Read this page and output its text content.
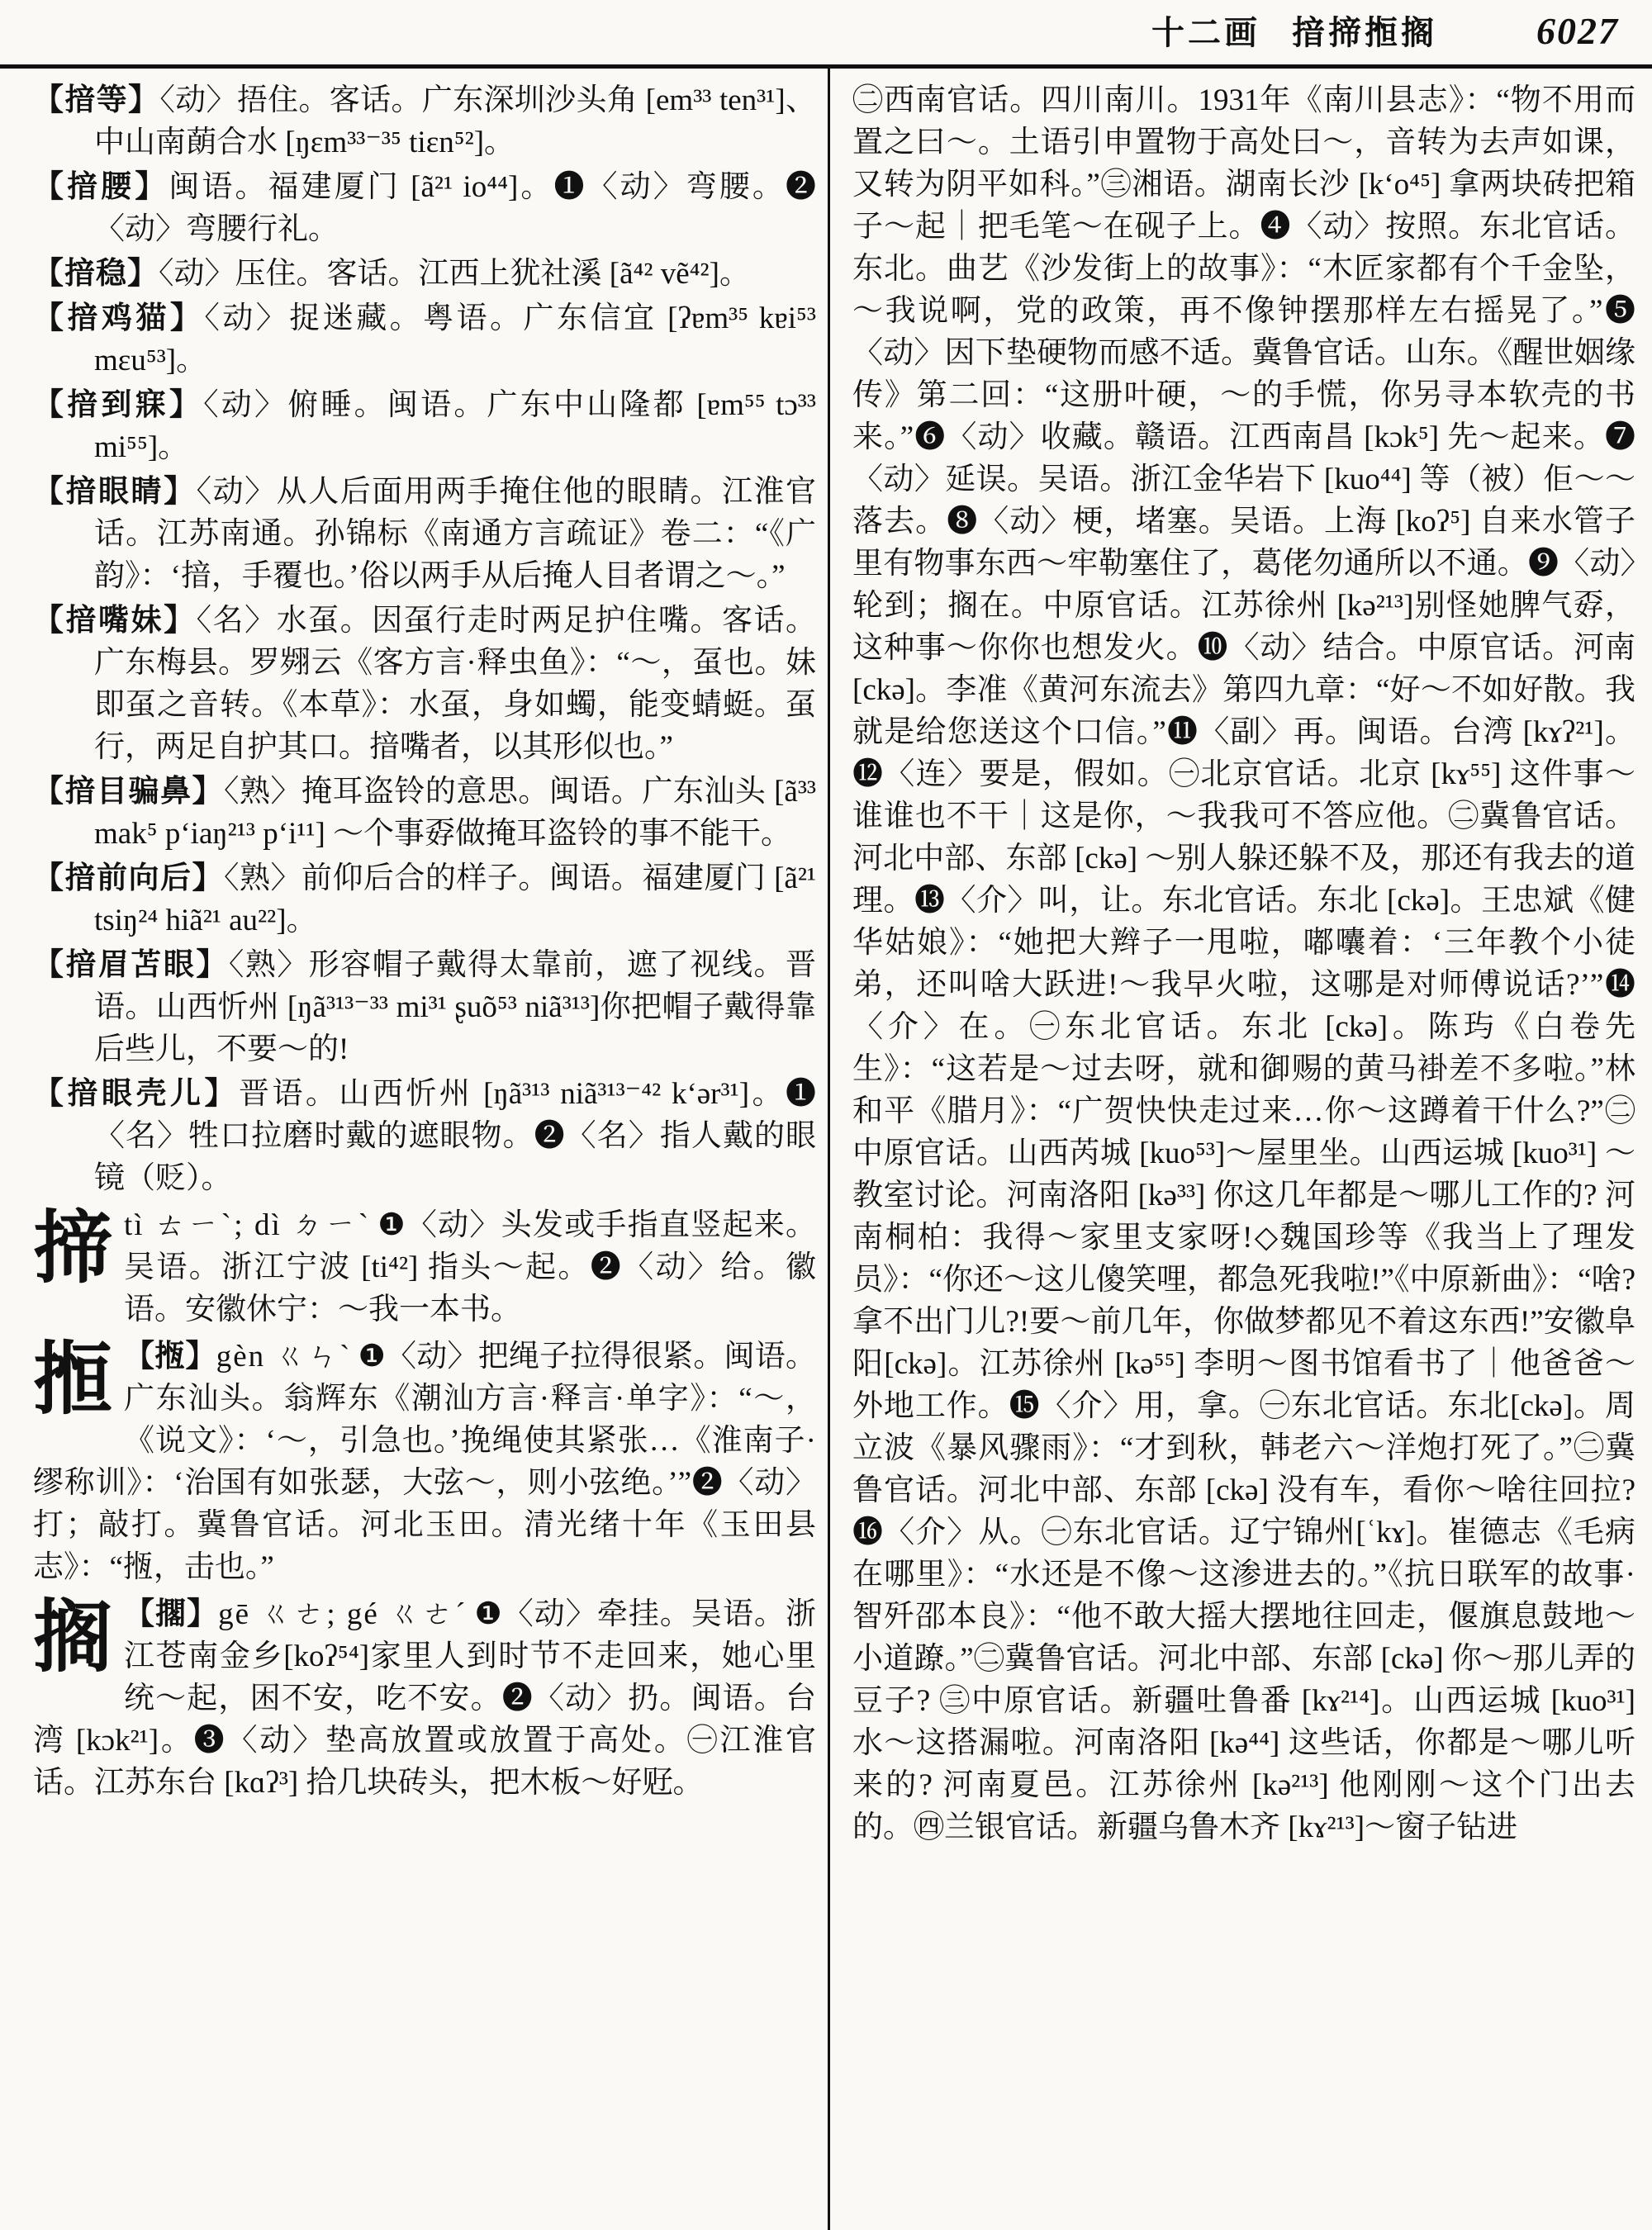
十二画 揞揥搄搁	6027

【揞等】〈动〉捂住。客话。广东深圳沙头角 [em³³ ten³¹]、中山南蓢合水 [ŋɛm³³⁻³⁵ tiɛn⁵²]。

【揞腰】闽语。福建厦门 [ã²¹ io⁴⁴]。❶〈动〉弯腰。❷〈动〉弯腰行礼。

【揞稳】〈动〉压住。客话。江西上犹社溪 [ã⁴² vẽ⁴²]。

【揞鸡猫】〈动〉捉迷藏。粤语。广东信宜 [ʔɐm³⁵ kɐi⁵³ mɛu⁵³]。

【揞到寐】〈动〉俯睡。闽语。广东中山隆都 [ɐm⁵⁵ tɔ³³ mi⁵⁵]。

【揞眼睛】〈动〉从人后面用两手掩住他的眼睛。江淮官话。江苏南通。孙锦标《南通方言疏证》卷二：“《广韵》：‘揞，手覆也。’俗以两手从后掩人目者谓之～。”

【揞嘴妹】〈名〉水虿。因虿行走时两足护住嘴。客话。广东梅县。罗翙云《客方言·释虫鱼》：“～，虿也。妹即虿之音转。《本草》：水虿，身如蠋，能变蜻蜓。虿行，两足自护其口。揞嘴者，以其形似也。”

【揞目骗鼻】〈熟〉掩耳盗铃的意思。闽语。广东汕头 [ã³³ mak⁵ pʻiaŋ²¹³ pʻi¹¹] ～个事孬做掩耳盗铃的事不能干。

【揞前向后】〈熟〉前仰后合的样子。闽语。福建厦门 [ã²¹ tsiŋ²⁴ hiã²¹ au²²]。

【揞眉苫眼】〈熟〉形容帽子戴得太靠前，遮了视线。晋语。山西忻州 [ŋã³¹³⁻³³ mi³¹ ʂuõ⁵³ niã³¹³]你把帽子戴得靠后些儿，不要～的!

【揞眼壳儿】晋语。山西忻州 [ŋã³¹³ niã³¹³⁻⁴² kʻər³¹]。❶〈名〉牲口拉磨时戴的遮眼物。❷〈名〉指人戴的眼镜（贬）。

揥tì ㄊㄧˋ; dì ㄉㄧˋ ❶〈动〉头发或手指直竖起来。吴语。浙江宁波 [ti⁴²] 指头～起。❷〈动〉给。徽语。安徽休宁：～我一本书。
搄 【揯】gèn ㄍㄣˋ ❶〈动〉把绳子拉得很紧。闽语。广东汕头。翁辉东《潮汕方言·释言·单字》：“～，《说文》：‘～，引急也。’挽绳使其紧张…《淮南子·缪称训》：‘治国有如张瑟，大弦～，则小弦绝。’”❷〈动〉打；敲打。冀鲁官话。河北玉田。清光绪十年《玉田县志》：“揯，击也。”
搁 【擱】gē ㄍㄜ; gé ㄍㄜˊ ❶〈动〉牵挂。吴语。浙江苍南金乡[koʔ⁵⁴]家里人到时节不走回来，她心里统～起，困不安，吃不安。❷〈动〉扔。闽语。台湾 [kɔk²¹]。❸〈动〉垫高放置或放置于高处。㊀江淮官话。江苏东台 [kɑʔ³] 拾几块砖头，把木板～好觃。

㊁西南官话。四川南川。1931年《南川县志》：“物不用而置之曰～。土语引申置物于高处曰～，音转为去声如课，又转为阴平如科。”㊂湘语。湖南长沙 [kʻo⁴⁵] 拿两块砖把箱子～起｜把毛笔～在砚子上。❹〈动〉按照。东北官话。东北。曲艺《沙发街上的故事》：“木匠家都有个千金坠，～我说啊，党的政策，再不像钟摆那样左右摇晃了。”❺〈动〉因下垫硬物而感不适。冀鲁官话。山东。《醒世姻缘传》第二回：“这册叶硬，～的手慌，你另寻本软壳的书来。”❻〈动〉收藏。赣语。江西南昌 [kɔk⁵] 先～起来。❼〈动〉延误。吴语。浙江金华岩下 [kuo⁴⁴] 等（被）佢～～落去。❽〈动〉梗，堵塞。吴语。上海 [koʔ⁵] 自来水管子里有物事东西～牢勒塞住了，葛佬勿通所以不通。❾〈动〉轮到；搁在。中原官话。江苏徐州 [kə²¹³]别怪她脾气孬，这种事～你你也想发火。❿〈动〉结合。中原官话。河南 [ckə]。李准《黄河东流去》第四九章：“好～不如好散。我就是给您送这个口信。”⓫〈副〉再。闽语。台湾 [kɤʔ²¹]。⓬〈连〉要是，假如。㊀北京官话。北京 [kɤ⁵⁵] 这件事～谁谁也不干｜这是你，～我我可不答应他。㊁冀鲁官话。河北中部、东部 [ckə] ～别人躲还躲不及，那还有我去的道理。⓭〈介〉叫，让。东北官话。东北 [ckə]。王忠斌《健华姑娘》：“她把大辫子一甩啦，嘟囔着：‘三年教个小徒弟，还叫啥大跃进!～我早火啦，这哪是对师傅说话?’”⓮〈介〉在。㊀东北官话。东北 [ckə]。陈玙《白卷先生》：“这若是～过去呀，就和御赐的黄马褂差不多啦。”林和平《腊月》：“广贺快快走过来…你～这蹲着干什么?”㊁中原官话。山西芮城 [kuo⁵³]～屋里坐。山西运城 [kuo³¹] ～教室讨论。河南洛阳 [kə³³] 你这几年都是～哪儿工作的? 河南桐柏：我得～家里支家呀!◇魏国珍等《我当上了理发员》：“你还～这儿傻笑哩，都急死我啦!”《中原新曲》：“啥? 拿不出门儿?!要～前几年，你做梦都见不着这东西!”安徽阜阳[ckə]。江苏徐州 [kə⁵⁵] 李明～图书馆看书了｜他爸爸～外地工作。⓯〈介〉用，拿。㊀东北官话。东北[ckə]。周立波《暴风骤雨》：“才到秋，韩老六～洋炮打死了。”㊁冀鲁官话。河北中部、东部 [ckə] 没有车，看你～啥往回拉? ⓰〈介〉从。㊀东北官话。辽宁锦州[ʿkɤ]。崔德志《毛病在哪里》：“水还是不像～这渗进去的。”《抗日联军的故事·智歼邵本良》：“他不敢大摇大摆地往回走，偃旗息鼓地～小道蹽。”㊁冀鲁官话。河北中部、东部 [ckə] 你～那儿弄的豆子? ㊂中原官话。新疆吐鲁番 [kɤ²¹⁴]。山西运城 [kuo³¹] 水～这搭漏啦。河南洛阳 [kə⁴⁴] 这些话，你都是～哪儿听来的? 河南夏邑。江苏徐州 [kə²¹³] 他刚刚～这个门出去的。㊃兰银官话。新疆乌鲁木齐 [kɤ²¹³]～窗子钻进
